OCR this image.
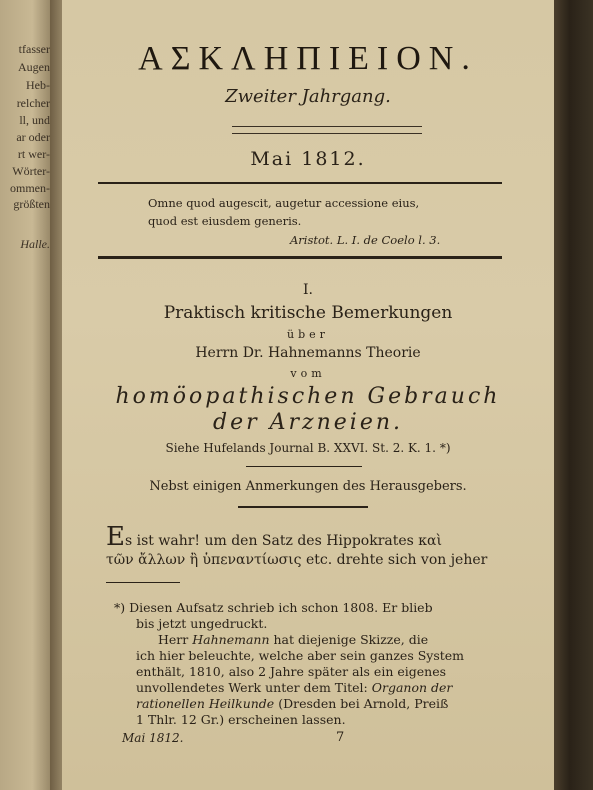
tfasser
Augen
Heb-
relcher
ll, und
ar oder
rt wer-
Wörter-
ommen-
größten
Halle.
ΑΣΚΛΗΠΙΕΙΟΝ.
Zweiter Jahrgang.
Mai 1812.
Omne quod augescit, augetur accessione eius,
quod est eiusdem generis.
Aristot. L. I. de Coelo l. 3.
I.
Praktisch kritische Bemerkungen
über
Herrn Dr. Hahnemanns Theorie
vom
homöopathischen Gebrauch
der Arzneien.
Siehe Hufelands Journal B. XXVI. St. 2. K. 1. *)
Nebst einigen Anmerkungen des Herausgebers.
Es ist wahr! um den Satz des Hippokrates καὶ
τῶν ἄλλων ἢ ὑπεναντίωσις etc. drehte sich von jeher
*) Diesen Aufsatz schrieb ich schon 1808. Er blieb
bis jetzt ungedruckt.
Herr Hahnemann hat diejenige Skizze, die
ich hier beleuchte, welche aber sein ganzes System
enthält, 1810, also 2 Jahre später als ein eigenes
unvollendetes Werk unter dem Titel: Organon der
rationellen Heilkunde (Dresden bei Arnold, Preiß
1 Thlr. 12 Gr.) erscheinen lassen.
Mai 1812.	7
